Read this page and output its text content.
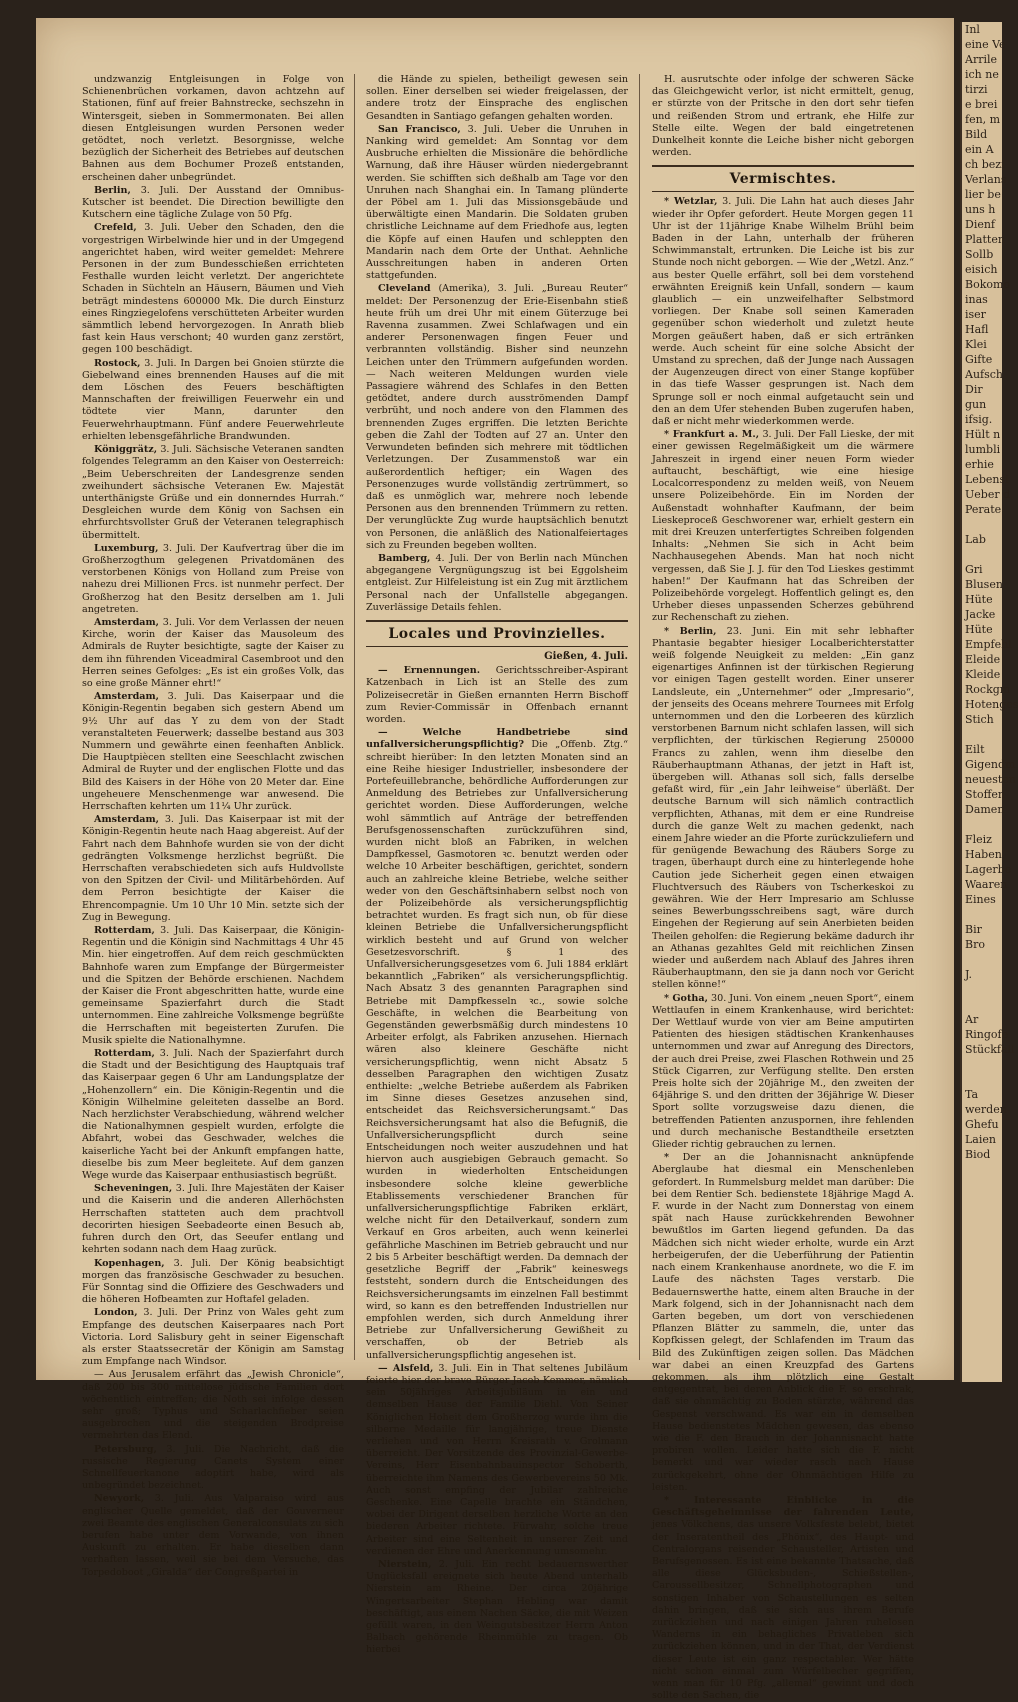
undzwanzig Entgleisungen in Folge von Schienenbrüchen vorkamen, davon achtzehn auf Stationen, fünf auf freier Bahnstrecke, sechszehn in Wintersgeit, sieben in Sommermonaten. Bei allen diesen Entgleisungen wurden Personen weder getödtet, noch verletzt. Besorgnisse, welche bezüglich der Sicherheit des Betriebes auf deutschen Bahnen aus dem Bochumer Prozeß entstanden, erscheinen daher unbegründet.

Berlin, 3. Juli. Der Ausstand der Omnibus-Kutscher ist beendet. Die Direction bewilligte den Kutschern eine tägliche Zulage von 50 Pfg.

Crefeld, 3. Juli. Ueber den Schaden, den die vorgestrigen Wirbelwinde hier und in der Umgegend angerichtet haben, wird weiter gemeldet: Mehrere Personen in der zum Bundesschießen errichteten Festhalle wurden leicht verletzt. Der angerichtete Schaden in Süchteln an Häusern, Bäumen und Vieh beträgt mindestens 600000 Mk. Die durch Einsturz eines Ringziegelofens verschütteten Arbeiter wurden sämmtlich lebend hervorgezogen. In Anrath blieb fast kein Haus verschont; 40 wurden ganz zerstört, gegen 100 beschädigt.

Rostock, 3. Juli. In Dargen bei Gnoien stürzte die Giebelwand eines brennenden Hauses auf die mit dem Löschen des Feuers beschäftigten Mannschaften der freiwilligen Feuerwehr ein und tödtete vier Mann, darunter den Feuerwehrhauptmann. Fünf andere Feuerwehrleute erhielten lebensgefährliche Brandwunden.

Königgrätz, 3. Juli. Sächsische Veteranen sandten folgendes Telegramm an den Kaiser von Oesterreich: „Beim Ueberschreiten der Landesgrenze senden zweihundert sächsische Veteranen Ew. Majestät unterthänigste Grüße und ein donnerndes Hurrah.“ Desgleichen wurde dem König von Sachsen ein ehrfurchtsvollster Gruß der Veteranen telegraphisch übermittelt.

Luxemburg, 3. Juli. Der Kaufvertrag über die im Großherzogthum gelegenen Privatdomänen des verstorbenen Königs von Holland zum Preise von nahezu drei Millionen Frcs. ist nunmehr perfect. Der Großherzog hat den Besitz derselben am 1. Juli angetreten.

Amsterdam, 3. Juli. Vor dem Verlassen der neuen Kirche, worin der Kaiser das Mausoleum des Admirals de Ruyter besichtigte, sagte der Kaiser zu dem ihn führenden Viceadmiral Casembroot und den Herren seines Gefolges: „Es ist ein großes Volk, das so eine große Männer ehrt!“

Amsterdam, 3. Juli. Das Kaiserpaar und die Königin-Regentin begaben sich gestern Abend um 9½ Uhr auf das Y zu dem von der Stadt veranstalteten Feuerwerk; dasselbe bestand aus 303 Nummern und gewährte einen feenhaften Anblick. Die Hauptpiècen stellten eine Seeschlacht zwischen Admiral de Ruyter und der englischen Flotte und das Bild des Kaisers in der Höhe von 20 Meter dar. Eine ungeheuere Menschenmenge war anwesend. Die Herrschaften kehrten um 11¼ Uhr zurück.

Amsterdam, 3. Juli. Das Kaiserpaar ist mit der Königin-Regentin heute nach Haag abgereist. Auf der Fahrt nach dem Bahnhofe wurden sie von der dicht gedrängten Volksmenge herzlichst begrüßt. Die Herrschaften verabschiedeten sich aufs Huldvollste von den Spitzen der Civil- und Militärbehörden. Auf dem Perron besichtigte der Kaiser die Ehrencompagnie. Um 10 Uhr 10 Min. setzte sich der Zug in Bewegung.

Rotterdam, 3. Juli. Das Kaiserpaar, die Königin-Regentin und die Königin sind Nachmittags 4 Uhr 45 Min. hier eingetroffen. Auf dem reich geschmückten Bahnhofe waren zum Empfange der Bürgermeister und die Spitzen der Behörde erschienen. Nachdem der Kaiser die Front abgeschritten hatte, wurde eine gemeinsame Spazierfahrt durch die Stadt unternommen. Eine zahlreiche Volksmenge begrüßte die Herrschaften mit begeisterten Zurufen. Die Musik spielte die Nationalhymne.

Rotterdam, 3. Juli. Nach der Spazierfahrt durch die Stadt und der Besichtigung des Hauptquais traf das Kaiserpaar gegen 6 Uhr am Landungsplatze der „Hohenzollern“ ein. Die Königin-Regentin und die Königin Wilhelmine geleiteten dasselbe an Bord. Nach herzlichster Verabschiedung, während welcher die Nationalhymnen gespielt wurden, erfolgte die Abfahrt, wobei das Geschwader, welches die kaiserliche Yacht bei der Ankunft empfangen hatte, dieselbe bis zum Meer begleitete. Auf dem ganzen Wege wurde das Kaiserpaar enthusiastisch begrüßt.

Scheveningen, 3. Juli. Ihre Majestäten der Kaiser und die Kaiserin und die anderen Allerhöchsten Herrschaften statteten auch dem prachtvoll decorirten hiesigen Seebadeorte einen Besuch ab, fuhren durch den Ort, das Seeufer entlang und kehrten sodann nach dem Haag zurück.

Kopenhagen, 3. Juli. Der König beabsichtigt morgen das französische Geschwader zu besuchen. Für Sonntag sind die Offiziere des Geschwaders und die höheren Hofbeamten zur Hoftafel geladen.

London, 3. Juli. Der Prinz von Wales geht zum Empfange des deutschen Kaiserpaares nach Port Victoria. Lord Salisbury geht in seiner Eigenschaft als erster Staatssecretär der Königin am Samstag zum Empfange nach Windsor.

— Aus Jerusalem erfährt das „Jewish Chronicle“, daß 200 bis 300 mittellose jüdische Familien dort wöchentlich eintreffen; die Noth sei infolge dessen sehr groß; Typhus und Scharlachfieber seien ausgebrochen und die steigenden Brodpreise vermehrten das Elend.

Petersburg, 3. Juli. Die Nachricht, daß die russische Regierung Canets System einer Schnellfeuerkanone adoptirt habe, wird als unbegründet bezeichnet.

Newyork, 3. Juli. Aus Valparaiso wird aus englischer Quelle gemeldet, daß der Gouverneur zwei Beamte des englischen Generalconsulats zu sich berufen habe unter dem Vorwande, von ihnen Auskunft zu erhalten. Er habe dieselben dann verhaften lassen, weil sie bei dem Versuche, das Torpedoboot „Giralda“ der Congreßpartei in

die Hände zu spielen, betheiligt gewesen sein sollen. Einer derselben sei wieder freigelassen, der andere trotz der Einsprache des englischen Gesandten in Santiago gefangen gehalten worden.

San Francisco, 3. Juli. Ueber die Unruhen in Nanking wird gemeldet: Am Sonntag vor dem Ausbruche erhielten die Missionäre die behördliche Warnung, daß ihre Häuser würden niedergebrannt werden. Sie schifften sich deßhalb am Tage vor den Unruhen nach Shanghai ein. In Tamang plünderte der Pöbel am 1. Juli das Missionsgebäude und überwältigte einen Mandarin. Die Soldaten gruben christliche Leichname auf dem Friedhofe aus, legten die Köpfe auf einen Haufen und schleppten den Mandarin nach dem Orte der Unthat. Aehnliche Ausschreitungen haben in anderen Orten stattgefunden.

Cleveland (Amerika), 3. Juli. „Bureau Reuter“ meldet: Der Personenzug der Erie-Eisenbahn stieß heute früh um drei Uhr mit einem Güterzuge bei Ravenna zusammen. Zwei Schlafwagen und ein anderer Personenwagen fingen Feuer und verbrannten vollständig. Bisher sind neunzehn Leichen unter den Trümmern aufgefunden worden. — Nach weiteren Meldungen wurden viele Passagiere während des Schlafes in den Betten getödtet, andere durch ausströmenden Dampf verbrüht, und noch andere von den Flammen des brennenden Zuges ergriffen. Die letzten Berichte geben die Zahl der Todten auf 27 an. Unter den Verwundeten befinden sich mehrere mit tödtlichen Verletzungen. Der Zusammenstoß war ein außerordentlich heftiger; ein Wagen des Personenzuges wurde vollständig zertrümmert, so daß es unmöglich war, mehrere noch lebende Personen aus den brennenden Trümmern zu retten. Der verunglückte Zug wurde hauptsächlich benutzt von Personen, die anläßlich des Nationalfeiertages sich zu Freunden begeben wollten.

Bamberg, 4. Juli. Der von Berlin nach München abgegangene Vergnügungszug ist bei Eggolsheim entgleist. Zur Hilfeleistung ist ein Zug mit ärztlichem Personal nach der Unfallstelle abgegangen. Zuverlässige Details fehlen.

Locales und Provinzielles.
Gießen, 4. Juli.

— Ernennungen. Gerichtsschreiber-Aspirant Katzenbach in Lich ist an Stelle des zum Polizeisecretär in Gießen ernannten Herrn Bischoff zum Revier-Commissär in Offenbach ernannt worden.

— Welche Handbetriebe sind unfallversicherungspflichtig? Die „Offenb. Ztg.“ schreibt hierüber: In den letzten Monaten sind an eine Reihe hiesiger Industrieller, insbesondere der Portefeuillebranche, behördliche Aufforderungen zur Anmeldung des Betriebes zur Unfallversicherung gerichtet worden. Diese Aufforderungen, welche wohl sämmtlich auf Anträge der betreffenden Berufsgenossenschaften zurückzuführen sind, wurden nicht bloß an Fabriken, in welchen Dampfkessel, Gasmotoren ꝛc. benutzt werden oder welche 10 Arbeiter beschäftigen, gerichtet, sondern auch an zahlreiche kleine Betriebe, welche seither weder von den Geschäftsinhabern selbst noch von der Polizeibehörde als versicherungspflichtig betrachtet wurden. Es fragt sich nun, ob für diese kleinen Betriebe die Unfallversicherungspflicht wirklich besteht und auf Grund von welcher Gesetzesvorschrift. § 1 des Unfallversicherungsgesetzes vom 6. Juli 1884 erklärt bekanntlich „Fabriken“ als versicherungspflichtig. Nach Absatz 3 des genannten Paragraphen sind Betriebe mit Dampfkesseln ꝛc., sowie solche Geschäfte, in welchen die Bearbeitung von Gegenständen gewerbsmäßig durch mindestens 10 Arbeiter erfolgt, als Fabriken anzusehen. Hiernach wären also kleinere Geschäfte nicht versicherungspflichtig, wenn nicht Absatz 5 desselben Paragraphen den wichtigen Zusatz enthielte: „welche Betriebe außerdem als Fabriken im Sinne dieses Gesetzes anzusehen sind, entscheidet das Reichsversicherungsamt.“ Das Reichsversicherungsamt hat also die Befugniß, die Unfallversicherungspflicht durch seine Entscheidungen noch weiter auszudehnen und hat hiervon auch ausgiebigen Gebrauch gemacht. So wurden in wiederholten Entscheidungen insbesondere solche kleine gewerbliche Etablissements verschiedener Branchen für unfallversicherungspflichtige Fabriken erklärt, welche nicht für den Detailverkauf, sondern zum Verkauf en Gros arbeiten, auch wenn keinerlei gefährliche Maschinen im Betrieb gebraucht und nur 2 bis 5 Arbeiter beschäftigt werden. Da demnach der gesetzliche Begriff der „Fabrik“ keineswegs feststeht, sondern durch die Entscheidungen des Reichsversicherungsamts im einzelnen Fall bestimmt wird, so kann es den betreffenden Industriellen nur empfohlen werden, sich durch Anmeldung ihrer Betriebe zur Unfallversicherung Gewißheit zu verschaffen, ob der Betrieb als unfallversicherungspflichtig angesehen ist.

— Alsfeld, 3. Juli. Ein in That seltenes Jubiläum feierte hier der brave Bürger Jacob Kemmer, nämlich sein 50jähriges Arbeitsjubiläum in ein und demselben Hause der Familie Diehl. Von Seiner Königlichen Hoheit dem Großherzog wurde ihm die silberne Medaille für langjährige, treue Dienste verliehen und von Herrn Kreisrath v. Grolmann überreicht. Der Vorsitzende des Provinzial-Gewerbe-Vereins, Herr Eisenbahnbauinspector Schoberth, überreichte ihm Namens des Gewerbevereins 50 Mk. Auch sonst empfing der Jubilar zahlreiche Geschenke. Eine Capelle brachte ein Ständchen, wobei der Dirigent derselben herzliche Worte an den biederen Arbeiter richtete. Fürwahr, solche treue Arbeiter sind eine Seltenheit in unserer Zeit und verdienen der Ehre und Anerkennung umsomehr.

Nierstein, 2. Juli. Ein recht bedauernswerther Unglücksfall ereignete sich heute Abend unterhalb Nierstein am Rheine. Der circa 20jährige Wingertsarbeiter Stephan Hebling war damit beschäftigt, aus einem Nachen Säcke, die mit Weizen gefüllt waren, in den Weingutsbesitzer Herrn Anton Balbach gehörende Rheinmühle zu tragen. Ob hierbei

H. ausrutschte oder infolge der schweren Säcke das Gleichgewicht verlor, ist nicht ermittelt, genug, er stürzte von der Pritsche in den dort sehr tiefen und reißenden Strom und ertrank, ehe Hilfe zur Stelle eilte. Wegen der bald eingetretenen Dunkelheit konnte die Leiche bisher nicht geborgen werden.

Vermischtes.

* Wetzlar, 3. Juli. Die Lahn hat auch dieses Jahr wieder ihr Opfer gefordert. Heute Morgen gegen 11 Uhr ist der 11jährige Knabe Wilhelm Brühl beim Baden in der Lahn, unterhalb der früheren Schwimmanstalt, ertrunken. Die Leiche ist bis zur Stunde noch nicht geborgen. — Wie der „Wetzl. Anz.“ aus bester Quelle erfährt, soll bei dem vorstehend erwähnten Ereigniß kein Unfall, sondern — kaum glaublich — ein unzweifelhafter Selbstmord vorliegen. Der Knabe soll seinen Kameraden gegenüber schon wiederholt und zuletzt heute Morgen geäußert haben, daß er sich ertränken werde. Auch scheint für eine solche Absicht der Umstand zu sprechen, daß der Junge nach Aussagen der Augenzeugen direct von einer Stange kopfüber in das tiefe Wasser gesprungen ist. Nach dem Sprunge soll er noch einmal aufgetaucht sein und den an dem Ufer stehenden Buben zugerufen haben, daß er nicht mehr wiederkommen werde.

* Frankfurt a. M., 3. Juli. Der Fall Lieske, der mit einer gewissen Regelmäßigkeit um die wärmere Jahreszeit in irgend einer neuen Form wieder auftaucht, beschäftigt, wie eine hiesige Localcorrespondenz zu melden weiß, von Neuem unsere Polizeibehörde. Ein im Norden der Außenstadt wohnhafter Kaufmann, der beim Lieskeproceß Geschworener war, erhielt gestern ein mit drei Kreuzen unterfertigtes Schreiben folgenden Inhalts: „Nehmen Sie sich in Acht beim Nachhausegehen Abends. Man hat noch nicht vergessen, daß Sie J. J. für den Tod Lieskes gestimmt haben!“ Der Kaufmann hat das Schreiben der Polizeibehörde vorgelegt. Hoffentlich gelingt es, den Urheber dieses unpassenden Scherzes gebührend zur Rechenschaft zu ziehen.

* Berlin, 23. Juni. Ein mit sehr lebhafter Phantasie begabter hiesiger Localberichterstatter weiß folgende Neuigkeit zu melden: „Ein ganz eigenartiges Anfinnen ist der türkischen Regierung vor einigen Tagen gestellt worden. Einer unserer Landsleute, ein „Unternehmer“ oder „Impresario“, der jenseits des Oceans mehrere Tournees mit Erfolg unternommen und den die Lorbeeren des kürzlich verstorbenen Barnum nicht schlafen lassen, will sich verpflichten, der türkischen Regierung 250000 Francs zu zahlen, wenn ihm dieselbe den Räuberhauptmann Athanas, der jetzt in Haft ist, übergeben will. Athanas soll sich, falls derselbe gefaßt wird, für „ein Jahr leihweise“ überläßt. Der deutsche Barnum will sich nämlich contractlich verpflichten, Athanas, mit dem er eine Rundreise durch die ganze Welt zu machen gedenkt, nach einem Jahre wieder an die Pforte zurückzuliefern und für genügende Bewachung des Räubers Sorge zu tragen, überhaupt durch eine zu hinterlegende hohe Caution jede Sicherheit gegen einen etwaigen Fluchtversuch des Räubers von Tscherkeskoi zu gewähren. Wie der Herr Impresario am Schlusse seines Bewerbungsschreibens sagt, wäre durch Eingehen der Regierung auf sein Anerbieten beiden Theilen geholfen: die Regierung bekäme dadurch ihr an Athanas gezahltes Geld mit reichlichen Zinsen wieder und außerdem nach Ablauf des Jahres ihren Räuberhauptmann, den sie ja dann noch vor Gericht stellen könne!“

* Gotha, 30. Juni. Von einem „neuen Sport“, einem Wettlaufen in einem Krankenhause, wird berichtet: Der Wettlauf wurde von vier am Beine amputirten Patienten des hiesigen städtischen Krankenhauses unternommen und zwar auf Anregung des Directors, der auch drei Preise, zwei Flaschen Rothwein und 25 Stück Cigarren, zur Verfügung stellte. Den ersten Preis holte sich der 20jährige M., den zweiten der 64jährige S. und den dritten der 36jährige W. Dieser Sport sollte vorzugsweise dazu dienen, die betreffenden Patienten anzuspornen, ihre fehlenden und durch mechanische Bestandtheile ersetzten Glieder richtig gebrauchen zu lernen.

* Der an die Johannisnacht anknüpfende Aberglaube hat diesmal ein Menschenleben gefordert. In Rummelsburg meldet man darüber: Die bei dem Rentier Sch. bedienstete 18jährige Magd A. F. wurde in der Nacht zum Donnerstag von einem spät nach Hause zurückkehrenden Bewohner bewußtlos im Garten liegend gefunden. Da das Mädchen sich nicht wieder erholte, wurde ein Arzt herbeigerufen, der die Ueberführung der Patientin nach einem Krankenhause anordnete, wo die F. im Laufe des nächsten Tages verstarb. Die Bedauernswerthe hatte, einem alten Brauche in der Mark folgend, sich in der Johannisnacht nach dem Garten begeben, um dort von verschiedenen Pflanzen Blätter zu sammeln, die, unter das Kopfkissen gelegt, der Schlafenden im Traum das Bild des Zukünftigen zeigen sollen. Das Mädchen war dabei an einen Kreuzpfad des Gartens gekommen, als ihm plötzlich eine Gestalt entgegentrat, bei deren Anblick die F. so erschrak, daß sie ohnmächtig zu Boden stürzte, während das Gespenst verschwand. Es war ein in demselben Hause bedienstetes Mädchen gewesen, das ebenso wie die F. den Brauch in der Johannisnacht hatte probiren wollen. Leider hatte sich die F. nicht bemerkt und war wieder rasch nach Hause zurückgekehrt, ohne der Ohnmächtigen Hilfe zu leisten.

* Interessante Einblicke in die Geschäftsgeheimnisse der fahrenden Leute, jenes Völkchens, das unsere Volksfeste belebt, bietet der Inseratentheil des „Phönix“, des Haupt- und Centralorgans reisender Schausteller, Artisten und Berufsgenossen. Es ist eine bekannte Thatsache, daß alle diese Glücksbuden-, Schießstellen-, Caroussellbesitzer, Schnellphotographen und sonstigen Inhaber von Schaustellungen es selten dahin bringen, daß sie sich aus ihrem Berufe zurückziehen und nach einigen Jahren ruhelosen Wanderns in ein behagliches Privatleben sich zurückziehen können, und in der That, der Verdienst dieser Leute ist ein ganz respectabler. Wer hätte nicht schon einmal zum Würfelbecher gegriffen, wenn man für 10 Pfg. „allemal“ gewinnt und doch sollte den Sachen, die

Inl
eine Ve
Arrile
ich ne
tirzi
e brei
fen, m
Bild
ein A
ch bezi
Verlans
lier be
uns h
Dienf
Platten
Sollb
eisich
Bokomo
inas
iser
Hafl
Klei
Gifte
Aufsch
Dir
gun
ifsig.
Hült n
lumbli
erhie
Lebensi
Ueber d
Perate

Lab

Gri
Blusen
Hüte
Jacke
Hüte
Empfehl
Eleide
Kleide
Rockgm
Hotenges
Stich

Eilt
Gigendm
neuesten
Stoffen
Damen

Fleiz
Haben
Lagerbe
Waaren
Eines

Bir
Bro

J.

Ar
Ringofe
Stückfall

Ta
werden
Ghefu
Laien
Biod
